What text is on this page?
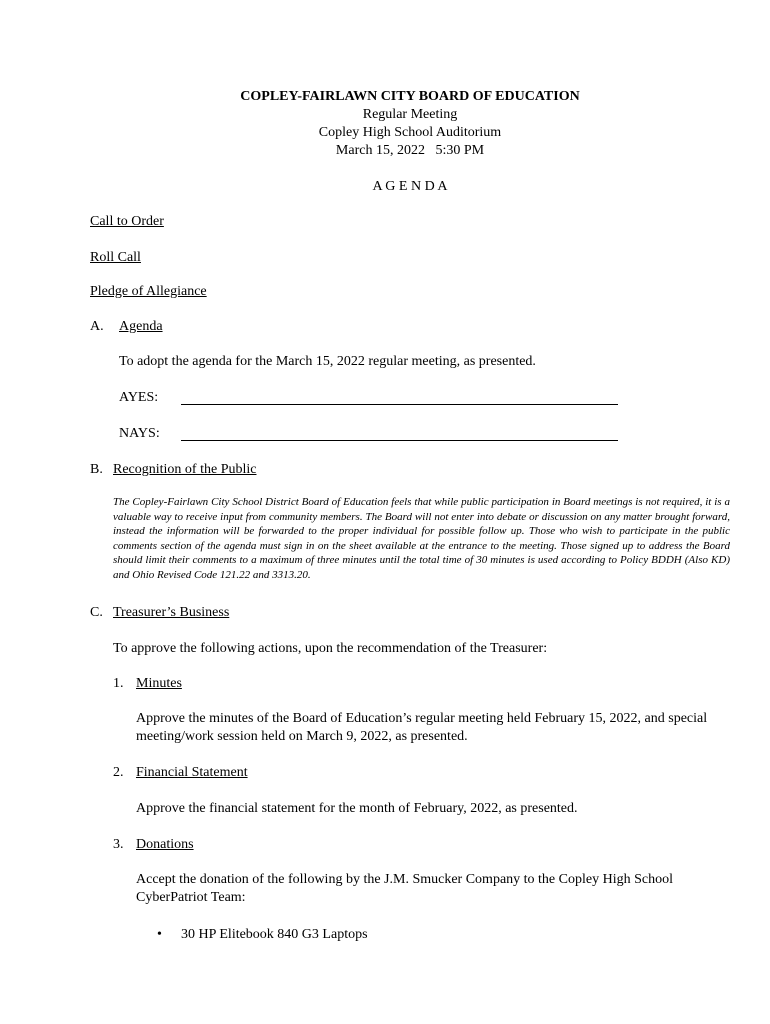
COPLEY-FAIRLAWN CITY BOARD OF EDUCATION
Regular Meeting
Copley High School Auditorium
March 15, 2022   5:30 PM
A G E N D A
Call to Order
Roll Call
Pledge of Allegiance
A. Agenda
To adopt the agenda for the March 15, 2022 regular meeting, as presented.
AYES:
NAYS:
B. Recognition of the Public
The Copley-Fairlawn City School District Board of Education feels that while public participation in Board meetings is not required, it is a valuable way to receive input from community members. The Board will not enter into debate or discussion on any matter brought forward, instead the information will be forwarded to the proper individual for possible follow up. Those who wish to participate in the public comments section of the agenda must sign in on the sheet available at the entrance to the meeting. Those signed up to address the Board should limit their comments to a maximum of three minutes until the total time of 30 minutes is used according to Policy BDDH (Also KD) and Ohio Revised Code 121.22 and 3313.20.
C. Treasurer’s Business
To approve the following actions, upon the recommendation of the Treasurer:
1. Minutes
Approve the minutes of the Board of Education’s regular meeting held February 15, 2022, and special meeting/work session held on March 9, 2022, as presented.
2. Financial Statement
Approve the financial statement for the month of February, 2022, as presented.
3. Donations
Accept the donation of the following by the J.M. Smucker Company to the Copley High School CyberPatriot Team:
• 30 HP Elitebook 840 G3 Laptops
